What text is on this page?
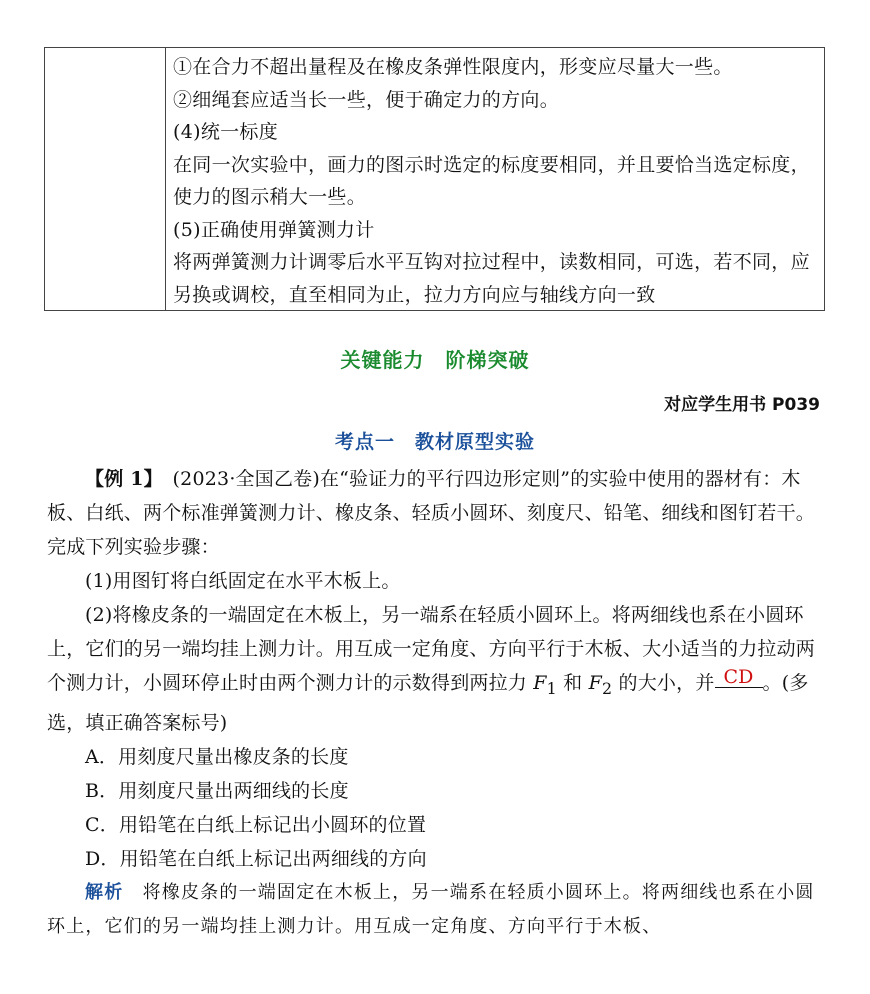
①在合力不超出量程及在橡皮条弹性限度内，形变应尽量大一些。

②细绳套应适当长一些，便于确定力的方向。

(4)统一标度

在同一次实验中，画力的图示时选定的标度要相同，并且要恰当选定标度，使力的图示稍大一些。

(5)正确使用弹簧测力计

将两弹簧测力计调零后水平互钩对拉过程中，读数相同，可选，若不同，应另换或调校，直至相同为止，拉力方向应与轴线方向一致

关键能力　阶梯突破
对应学生用书 P039
考点一　教材原型实验

【例 1】　 (2023·全国乙卷)在“验证力的平行四边形定则”的实验中使用的器材有：木板、白纸、两个标准弹簧测力计、橡皮条、轻质小圆环、刻度尺、铅笔、细线和图钉若干。完成下列实验步骤：

(1)用图钉将白纸固定在水平木板上。

(2)将橡皮条的一端固定在木板上，另一端系在轻质小圆环上。将两细线也系在小圆环上，它们的另一端均挂上测力计。用互成一定角度、方向平行于木板、大小适当的力拉动两个测力计，小圆环停止时由两个测力计的示数得到两拉力 $F_1$ 和 $F_2$ 的大小，并 CD 。(多选，填正确答案标号)

A．用刻度尺量出橡皮条的长度

B．用刻度尺量出两细线的长度

C．用铅笔在白纸上标记出小圆环的位置

D．用铅笔在白纸上标记出两细线的方向

解析　将橡皮条的一端固定在木板上，另一端系在轻质小圆环上。将两细线也系在小圆环上，它们的另一端均挂上测力计。用互成一定角度、方向平行于木板、
